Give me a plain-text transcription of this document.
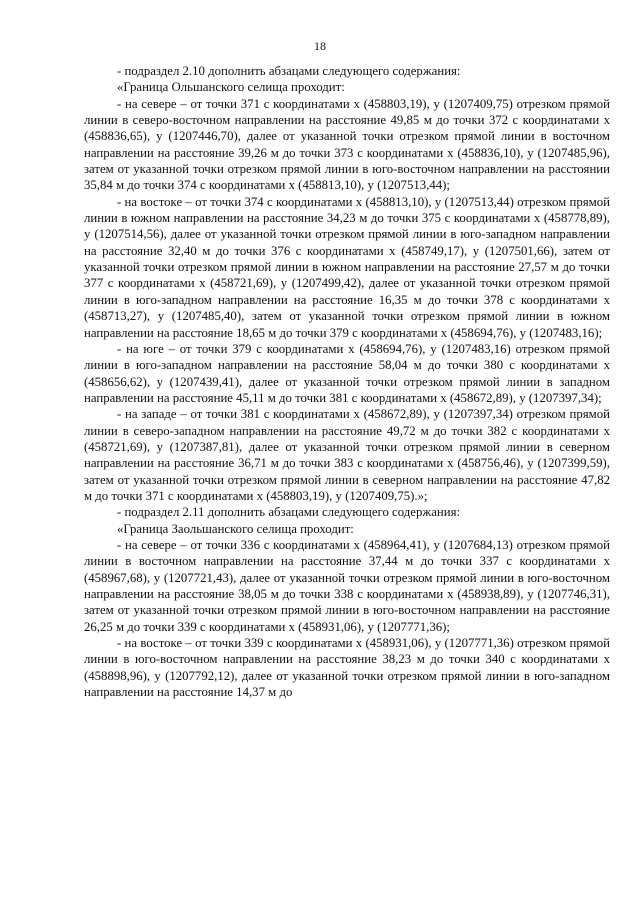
18

- подраздел 2.10 дополнить абзацами следующего содержания:

«Граница Ольшанского селища проходит:

- на севере – от точки 371 с координатами х (458803,19), у (1207409,75) отрезком прямой линии в северо-восточном направлении на расстояние 49,85 м до точки 372 с координатами х (458836,65), у (1207446,70), далее от указанной точки отрезком прямой линии в восточном направлении на расстояние 39,26 м до точки 373 с координатами х (458836,10), у (1207485,96), затем от указанной точки отрезком прямой линии в юго-восточном направлении на расстоянии 35,84 м до точки 374 с координатами х (458813,10), у (1207513,44);

- на востоке – от точки 374 с координатами х (458813,10), у (1207513,44) отрезком прямой линии в южном направлении на расстояние 34,23 м до точки 375 с координатами х (458778,89), у (1207514,56), далее от указанной точки отрезком прямой линии в юго-западном направлении на расстояние 32,40 м до точки 376 с координатами х (458749,17), у (1207501,66), затем от указанной точки отрезком прямой линии в южном направлении на расстояние 27,57 м до точки 377 с координатами х (458721,69), у (1207499,42), далее от указанной точки отрезком прямой линии в юго-западном направлении на расстояние 16,35 м до точки 378 с координатами х (458713,27), у (1207485,40), затем от указанной точки отрезком прямой линии в южном направлении на расстояние 18,65 м до точки 379 с координатами х (458694,76), у (1207483,16);

- на юге – от точки 379 с координатами х (458694,76), у (1207483,16) отрезком прямой линии в юго-западном направлении на расстояние 58,04 м до точки 380 с координатами х (458656,62), у (1207439,41), далее от указанной точки отрезком прямой линии в западном направлении на расстояние 45,11 м до точки 381 с координатами х (458672,89), у (1207397,34);

- на западе – от точки 381 с координатами х (458672,89), у (1207397,34) отрезком прямой линии в северо-западном направлении на расстояние 49,72 м до точки 382 с координатами х (458721,69), у (1207387,81), далее от указанной точки отрезком прямой линии в северном направлении на расстояние 36,71 м до точки 383 с координатами х (458756,46), у (1207399,59), затем от указанной точки отрезком прямой линии в северном направлении на расстояние 47,82 м до точки 371 с координатами х (458803,19), у (1207409,75).»;

- подраздел 2.11 дополнить абзацами следующего содержания:

«Граница Заольшанского селища проходит:

- на севере – от точки 336 с координатами х (458964,41), у (1207684,13) отрезком прямой линии в восточном направлении на расстояние 37,44 м до точки 337 с координатами х (458967,68), у (1207721,43), далее от указанной точки отрезком прямой линии в юго-восточном направлении на расстояние 38,05 м до точки 338 с координатами х (458938,89), у (1207746,31), затем от указанной точки отрезком прямой линии в юго-восточном направлении на расстояние 26,25 м до точки 339 с координатами х (458931,06), у (1207771,36);

- на востоке – от точки 339 с координатами х (458931,06), у (1207771,36) отрезком прямой линии в юго-восточном направлении на расстояние 38,23 м до точки 340 с координатами х (458898,96), у (1207792,12), далее от указанной точки отрезком прямой линии в юго-западном направлении на расстояние 14,37 м до
